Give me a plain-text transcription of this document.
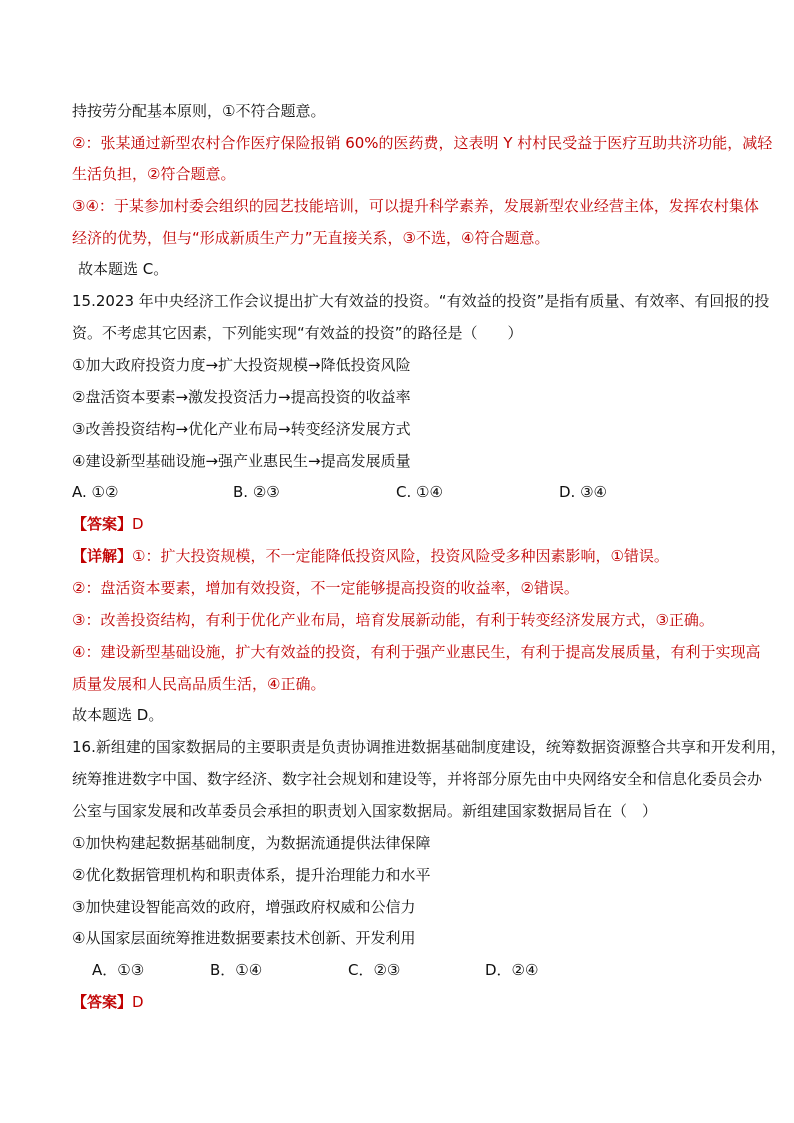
持按劳分配基本原则，①不符合题意。
②：张某通过新型农村合作医疗保险报销 60%的医药费，这表明 Y 村村民受益于医疗互助共济功能，减轻
生活负担，②符合题意。
③④：于某参加村委会组织的园艺技能培训，可以提升科学素养，发展新型农业经营主体，发挥农村集体
经济的优势，但与“形成新质生产力”无直接关系，③不选，④符合题意。
故本题选 C。
15.2023 年中央经济工作会议提出扩大有效益的投资。“有效益的投资”是指有质量、有效率、有回报的投
资。不考虑其它因素，下列能实现“有效益的投资”的路径是（　　）
①加大政府投资力度→扩大投资规模→降低投资风险
②盘活资本要素→激发投资活力→提高投资的收益率
③改善投资结构→优化产业布局→转变经济发展方式
④建设新型基础设施→强产业惠民生→提高发展质量
A. ①②	B. ②③	C. ①④	D. ③④
【答案】D
【详解】①：扩大投资规模，不一定能降低投资风险，投资风险受多种因素影响，①错误。
②：盘活资本要素，增加有效投资，不一定能够提高投资的收益率，②错误。
③：改善投资结构，有利于优化产业布局，培育发展新动能，有利于转变经济发展方式，③正确。
④：建设新型基础设施，扩大有效益的投资，有利于强产业惠民生，有利于提高发展质量，有利于实现高
质量发展和人民高品质生活，④正确。
故本题选 D。
16.新组建的国家数据局的主要职责是负责协调推进数据基础制度建设，统筹数据资源整合共享和开发利用，
统筹推进数字中国、数字经济、数字社会规划和建设等，并将部分原先由中央网络安全和信息化委员会办
公室与国家发展和改革委员会承担的职责划入国家数据局。新组建国家数据局旨在（　）
①加快构建起数据基础制度，为数据流通提供法律保障
②优化数据管理机构和职责体系，提升治理能力和水平
③加快建设智能高效的政府，增强政府权威和公信力
④从国家层面统筹推进数据要素技术创新、开发利用
A．①③	B．①④	C．②③	D．②④
【答案】D
